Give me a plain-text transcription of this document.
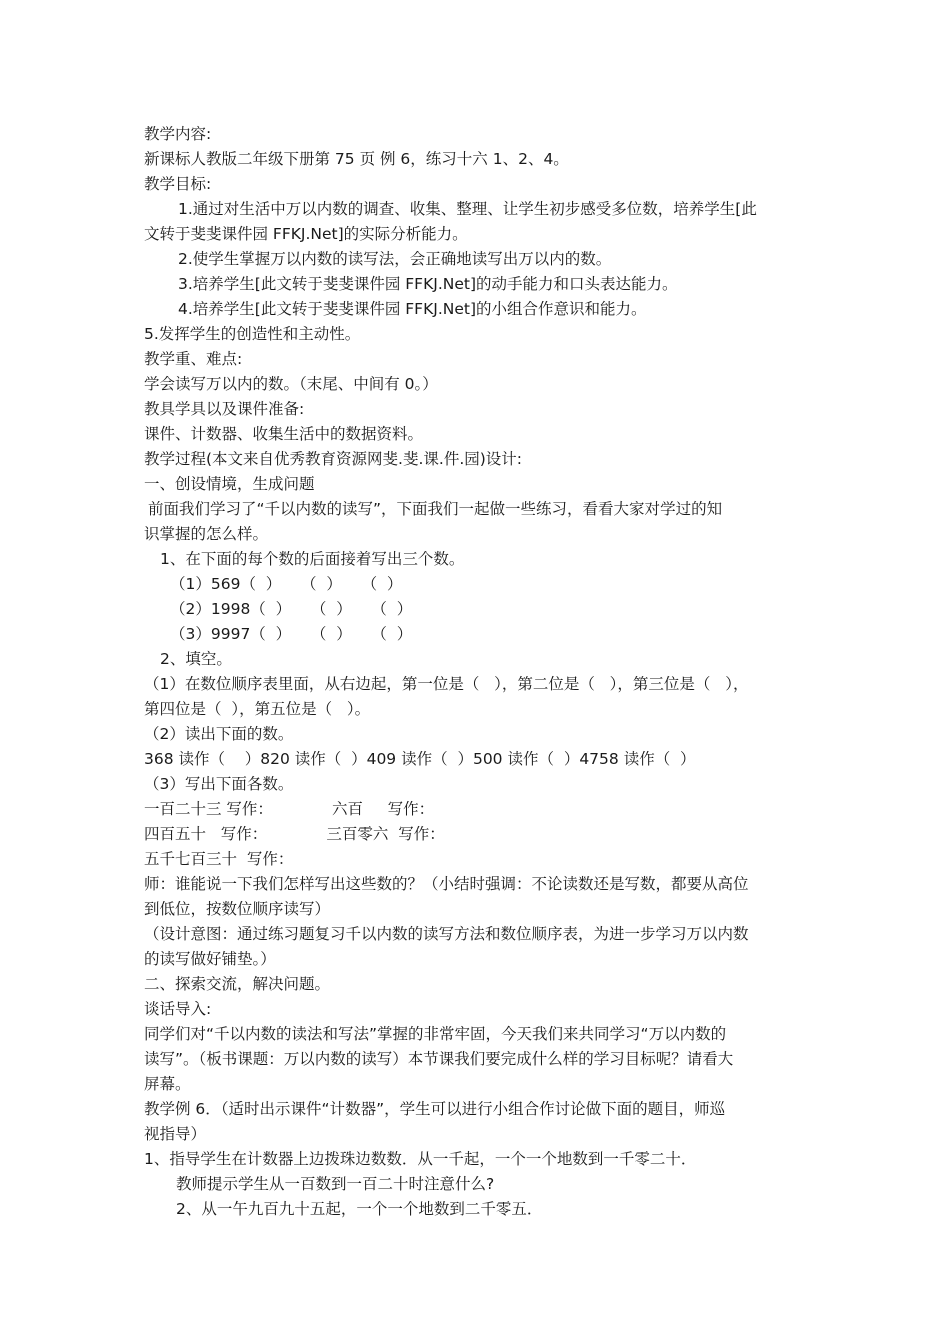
教学内容:
新课标人教版二年级下册第 75 页 例 6，练习十六 1、2、4。
教学目标:
1.通过对生活中万以内数的调查、收集、整理、让学生初步感受多位数，培养学生[此
文转于斐斐课件园 FFKJ.Net]的实际分析能力。
2.使学生掌握万以内数的读写法，会正确地读写出万以内的数。
3.培养学生[此文转于斐斐课件园 FFKJ.Net]的动手能力和口头表达能力。
4.培养学生[此文转于斐斐课件园 FFKJ.Net]的小组合作意识和能力。
5.发挥学生的创造性和主动性。
教学重、难点:
学会读写万以内的数。（末尾、中间有 0。）
教具学具以及课件准备:
课件、计数器、收集生活中的数据资料。
教学过程(本文来自优秀教育资源网斐.斐.课.件.园)设计:
一、创设情境，生成问题
前面我们学习了“千以内数的读写”，下面我们一起做一些练习，看看大家对学过的知
识掌握的怎么样。
1、在下面的每个数的后面接着写出三个数。
（1）569（  ）    （  ）    （  ）
（2）1998（  ）    （  ）    （  ）
（3）9997（  ）    （  ）    （  ）
2、填空。
（1）在数位顺序表里面，从右边起，第一位是（   ），第二位是（   ），第三位是（   ），
第四位是（  ），第五位是（   ）。
（2）读出下面的数。
368 读作（    ）820 读作（  ）409 读作（  ）500 读作（  ）4758 读作（  ）
（3）写出下面各数。
一百二十三 写作：            六百     写作：
四百五十   写作：            三百零六  写作：
五千七百三十  写作：
师：谁能说一下我们怎样写出这些数的？（小结时强调：不论读数还是写数，都要从高位
到低位，按数位顺序读写）
（设计意图：通过练习题复习千以内数的读写方法和数位顺序表，为进一步学习万以内数
的读写做好铺垫。）
二、探索交流，解决问题。
谈话导入:
同学们对“千以内数的读法和写法”掌握的非常牢固，今天我们来共同学习“万以内数的
读写”。（板书课题：万以内数的读写）本节课我们要完成什么样的学习目标呢？请看大
屏幕。
教学例 6．（适时出示课件“计数器”，学生可以进行小组合作讨论做下面的题目，师巡
视指导）
1、指导学生在计数器上边拨珠边数数．从一千起，一个一个地数到一千零二十．
教师提示学生从一百数到一百二十时注意什么?
2、从一午九百九十五起，一个一个地数到二千零五．
